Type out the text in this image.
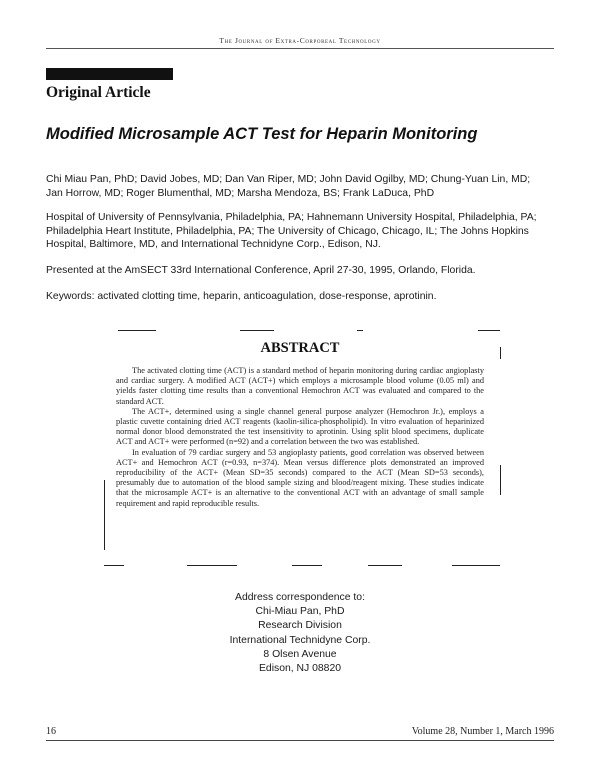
The Journal of Extra-Corporeal Technology
Original Article
Modified Microsample ACT Test for Heparin Monitoring
Chi Miau Pan, PhD; David Jobes, MD; Dan Van Riper, MD; John David Ogilby, MD; Chung-Yuan Lin, MD;
Jan Horrow, MD; Roger Blumenthal, MD; Marsha Mendoza, BS; Frank LaDuca, PhD
Hospital of University of Pennsylvania, Philadelphia, PA; Hahnemann University Hospital, Philadelphia, PA;
Philadelphia Heart Institute, Philadelphia, PA; The University of Chicago, Chicago, IL; The Johns Hopkins
Hospital, Baltimore, MD, and International Technidyne Corp., Edison, NJ.
Presented at the AmSECT 33rd International Conference, April 27-30, 1995, Orlando, Florida.
Keywords: activated clotting time, heparin, anticoagulation, dose-response, aprotinin.
ABSTRACT

The activated clotting time (ACT) is a standard method of heparin monitoring during cardiac angioplasty and cardiac surgery. A modified ACT (ACT+) which employs a microsample blood volume (0.05 ml) and yields faster clotting time results than a conventional Hemochron ACT was evaluated and compared to the standard ACT.

The ACT+, determined using a single channel general purpose analyzer (Hemochron Jr.), employs a plastic cuvette containing dried ACT reagents (kaolin-silica-phospholipid). In vitro evaluation of heparinized normal donor blood demonstrated the test insensitivity to aprotinin. Using split blood specimens, duplicate ACT and ACT+ were performed (n=92) and a correlation between the two was established.

In evaluation of 79 cardiac surgery and 53 angioplasty patients, good correlation was observed between ACT+ and Hemochron ACT (r=0.93, n=374). Mean versus difference plots demonstrated an improved reproducibility of the ACT+ (Mean SD=35 seconds) compared to the ACT (Mean SD=53 seconds), presumably due to automation of the blood sample sizing and blood/reagent mixing. These studies indicate that the microsample ACT+ is an alternative to the conventional ACT with an advantage of small sample requirement and rapid reproducible results.

Address correspondence to:
Chi-Miau Pan, PhD
Research Division
International Technidyne Corp.
8 Olsen Avenue
Edison, NJ 08820
16	Volume 28, Number 1, March 1996
